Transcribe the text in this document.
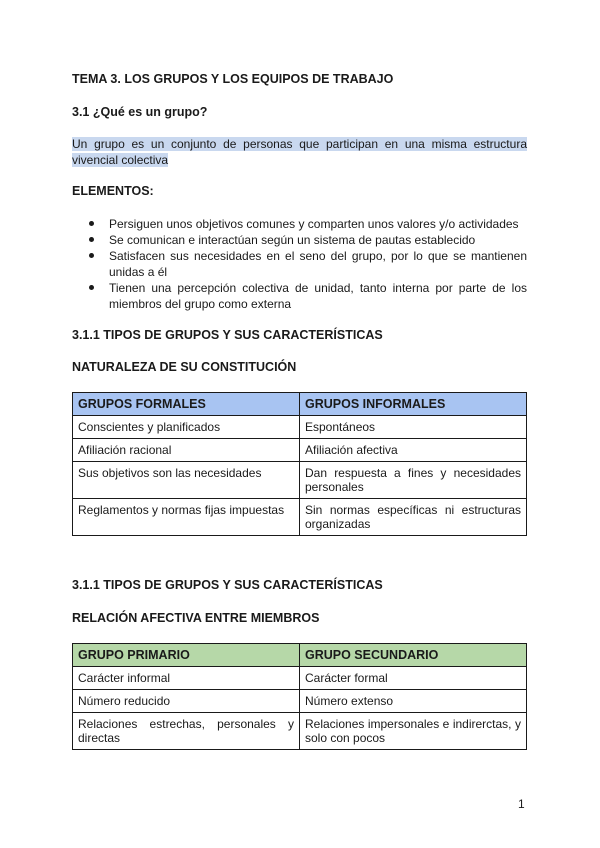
TEMA 3. LOS GRUPOS Y LOS EQUIPOS DE TRABAJO
3.1 ¿Qué es un grupo?
Un grupo es un conjunto de personas que participan en una misma estructura vivencial colectiva
ELEMENTOS:
Persiguen unos objetivos comunes y comparten unos valores y/o actividades
Se comunican e interactúan según un sistema de pautas establecido
Satisfacen sus necesidades en el seno del grupo, por lo que se mantienen unidas a él
Tienen una percepción colectiva de unidad, tanto interna por parte de los miembros del grupo como externa
3.1.1 TIPOS DE GRUPOS Y SUS CARACTERÍSTICAS
NATURALEZA DE SU CONSTITUCIÓN
GRUPOS FORMALES	GRUPOS INFORMALES
Conscientes y planificados	Espontáneos
Afiliación racional	Afiliación afectiva
Sus objetivos son las necesidades	Dan respuesta a fines y necesidades personales
Reglamentos y normas fijas impuestas	Sin normas específicas ni estructuras organizadas
3.1.1 TIPOS DE GRUPOS Y SUS CARACTERÍSTICAS
RELACIÓN AFECTIVA ENTRE MIEMBROS
GRUPO PRIMARIO	GRUPO SECUNDARIO
Carácter informal	Carácter formal
Número reducido	Número extenso
Relaciones estrechas, personales y directas	Relaciones impersonales e indirerctas, y solo con pocos
1
